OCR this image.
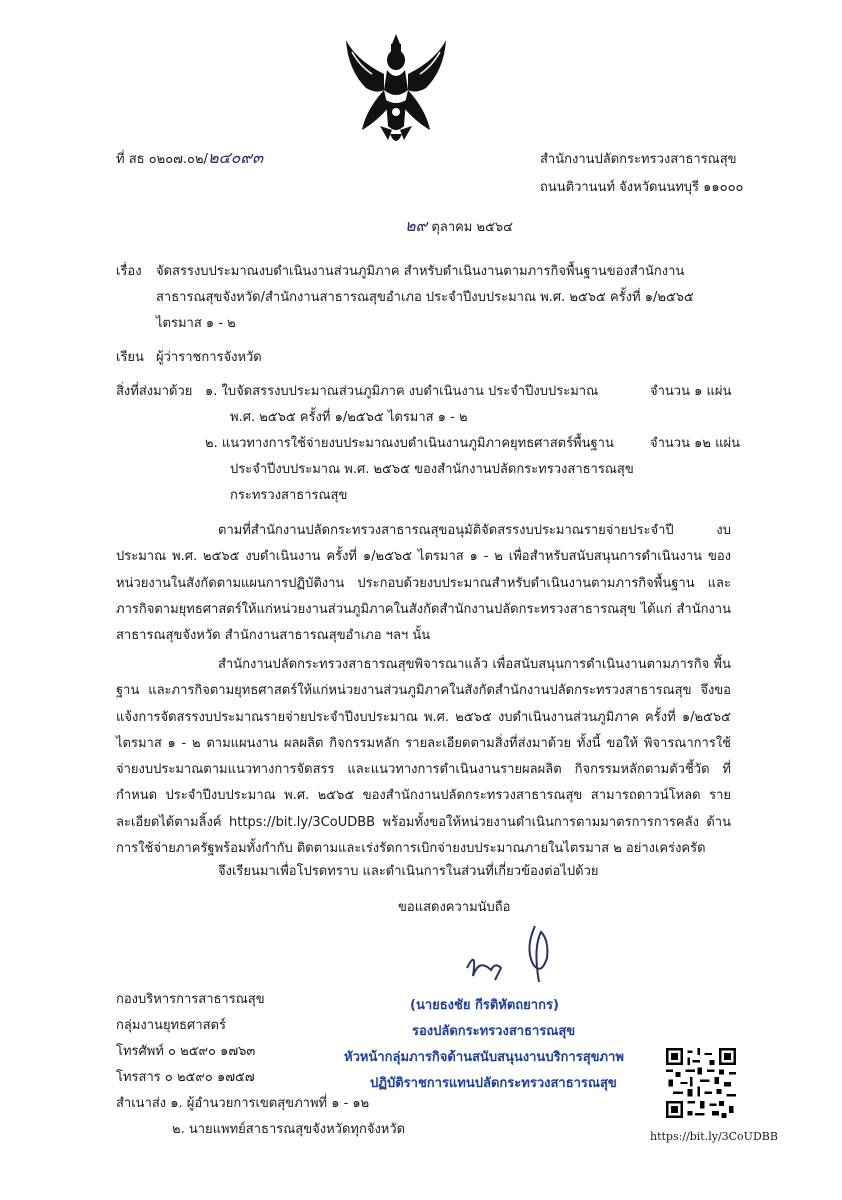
ที่ สธ ๐๒๐๗.๐๒/๒๔๐๙๓	สำนักงานปลัดกระทรวงสาธารณสุข
ถนนติวานนท์ จังหวัดนนทบุรี ๑๑๐๐๐
๒๙ ตุลาคม ๒๕๖๔
เรื่อง จัดสรรงบประมาณงบดำเนินงานส่วนภูมิภาค สำหรับดำเนินงานตามภารกิจพื้นฐานของสำนักงาน
สาธารณสุขจังหวัด/สำนักงานสาธารณสุขอำเภอ ประจำปีงบประมาณ พ.ศ. ๒๕๖๕ ครั้งที่ ๑/๒๕๖๕
ไตรมาส ๑ - ๒
เรียน ผู้ว่าราชการจังหวัด
สิ่งที่ส่งมาด้วย ๑. ใบจัดสรรงบประมาณส่วนภูมิภาค งบดำเนินงาน ประจำปีงบประมาณ	จำนวน ๑ แผ่น
พ.ศ. ๒๕๖๕ ครั้งที่ ๑/๒๕๖๕ ไตรมาส ๑ - ๒
๒. แนวทางการใช้จ่ายงบประมาณงบดำเนินงานภูมิภาคยุทธศาสตร์พื้นฐาน	จำนวน ๑๒ แผ่น
ประจำปีงบประมาณ พ.ศ. ๒๕๖๕ ของสำนักงานปลัดกระทรวงสาธารณสุข
กระทรวงสาธารณสุข
ตามที่สำนักงานปลัดกระทรวงสาธารณสุขอนุมัติจัดสรรงบประมาณรายจ่ายประจำปี งบประมาณ พ.ศ. ๒๕๖๕ งบดำเนินงาน ครั้งที่ ๑/๒๕๖๕ ไตรมาส ๑ - ๒ เพื่อสำหรับสนับสนุนการดำเนินงาน ของหน่วยงานในสังกัดตามแผนการปฏิบัติงาน ประกอบด้วยงบประมาณสำหรับดำเนินงานตามภารกิจพื้นฐาน และ ภารกิจตามยุทธศาสตร์ให้แก่หน่วยงานส่วนภูมิภาคในสังกัดสำนักงานปลัดกระทรวงสาธารณสุข ได้แก่ สำนักงาน สาธารณสุขจังหวัด สำนักงานสาธารณสุขอำเภอ ฯลฯ นั้น
สำนักงานปลัดกระทรวงสาธารณสุขพิจารณาแล้ว เพื่อสนับสนุนการดำเนินงานตามภารกิจ พื้นฐาน และภารกิจตามยุทธศาสตร์ให้แก่หน่วยงานส่วนภูมิภาคในสังกัดสำนักงานปลัดกระทรวงสาธารณสุข จึงขอแจ้งการจัดสรรงบประมาณรายจ่ายประจำปีงบประมาณ พ.ศ. ๒๕๖๕ งบดำเนินงานส่วนภูมิภาค ครั้งที่ ๑/๒๕๖๕ ไตรมาส ๑ - ๒ ตามแผนงาน ผลผลิต กิจกรรมหลัก รายละเอียดตามสิ่งที่ส่งมาด้วย ทั้งนี้ ขอให้ พิจารณาการใช้จ่ายงบประมาณตามแนวทางการจัดสรร และแนวทางการดำเนินงานรายผลผลิต กิจกรรมหลักตามตัวชี้วัด ที่กำหนด ประจำปีงบประมาณ พ.ศ. ๒๕๖๕ ของสำนักงานปลัดกระทรวงสาธารณสุข สามารถดาวน์โหลด รายละเอียดได้ตามลิ้งค์ https://bit.ly/3CoUDBB พร้อมทั้งขอให้หน่วยงานดำเนินการตามมาตรการการคลัง ด้านการใช้จ่ายภาครัฐพร้อมทั้งกำกับ ติดตามและเร่งรัดการเบิกจ่ายงบประมาณภายในไตรมาส ๒ อย่างเคร่งครัด
จึงเรียนมาเพื่อโปรดทราบ และดำเนินการในส่วนที่เกี่ยวข้องต่อไปด้วย
ขอแสดงความนับถือ
(นายธงชัย กีรติหัตถยากร)
รองปลัดกระทรวงสาธารณสุข
หัวหน้ากลุ่มภารกิจด้านสนับสนุนงานบริการสุขภาพ
ปฏิบัติราชการแทนปลัดกระทรวงสาธารณสุข
กองบริหารการสาธารณสุข
กลุ่มงานยุทธศาสตร์
โทรศัพท์ ๐ ๒๕๙๐ ๑๗๖๓
โทรสาร ๐ ๒๕๙๐ ๑๗๕๗
สำเนาส่ง ๑. ผู้อำนวยการเขตสุขภาพที่ ๑ - ๑๒
๒. นายแพทย์สาธารณสุขจังหวัดทุกจังหวัด	https://bit.ly/3CoUDBB
